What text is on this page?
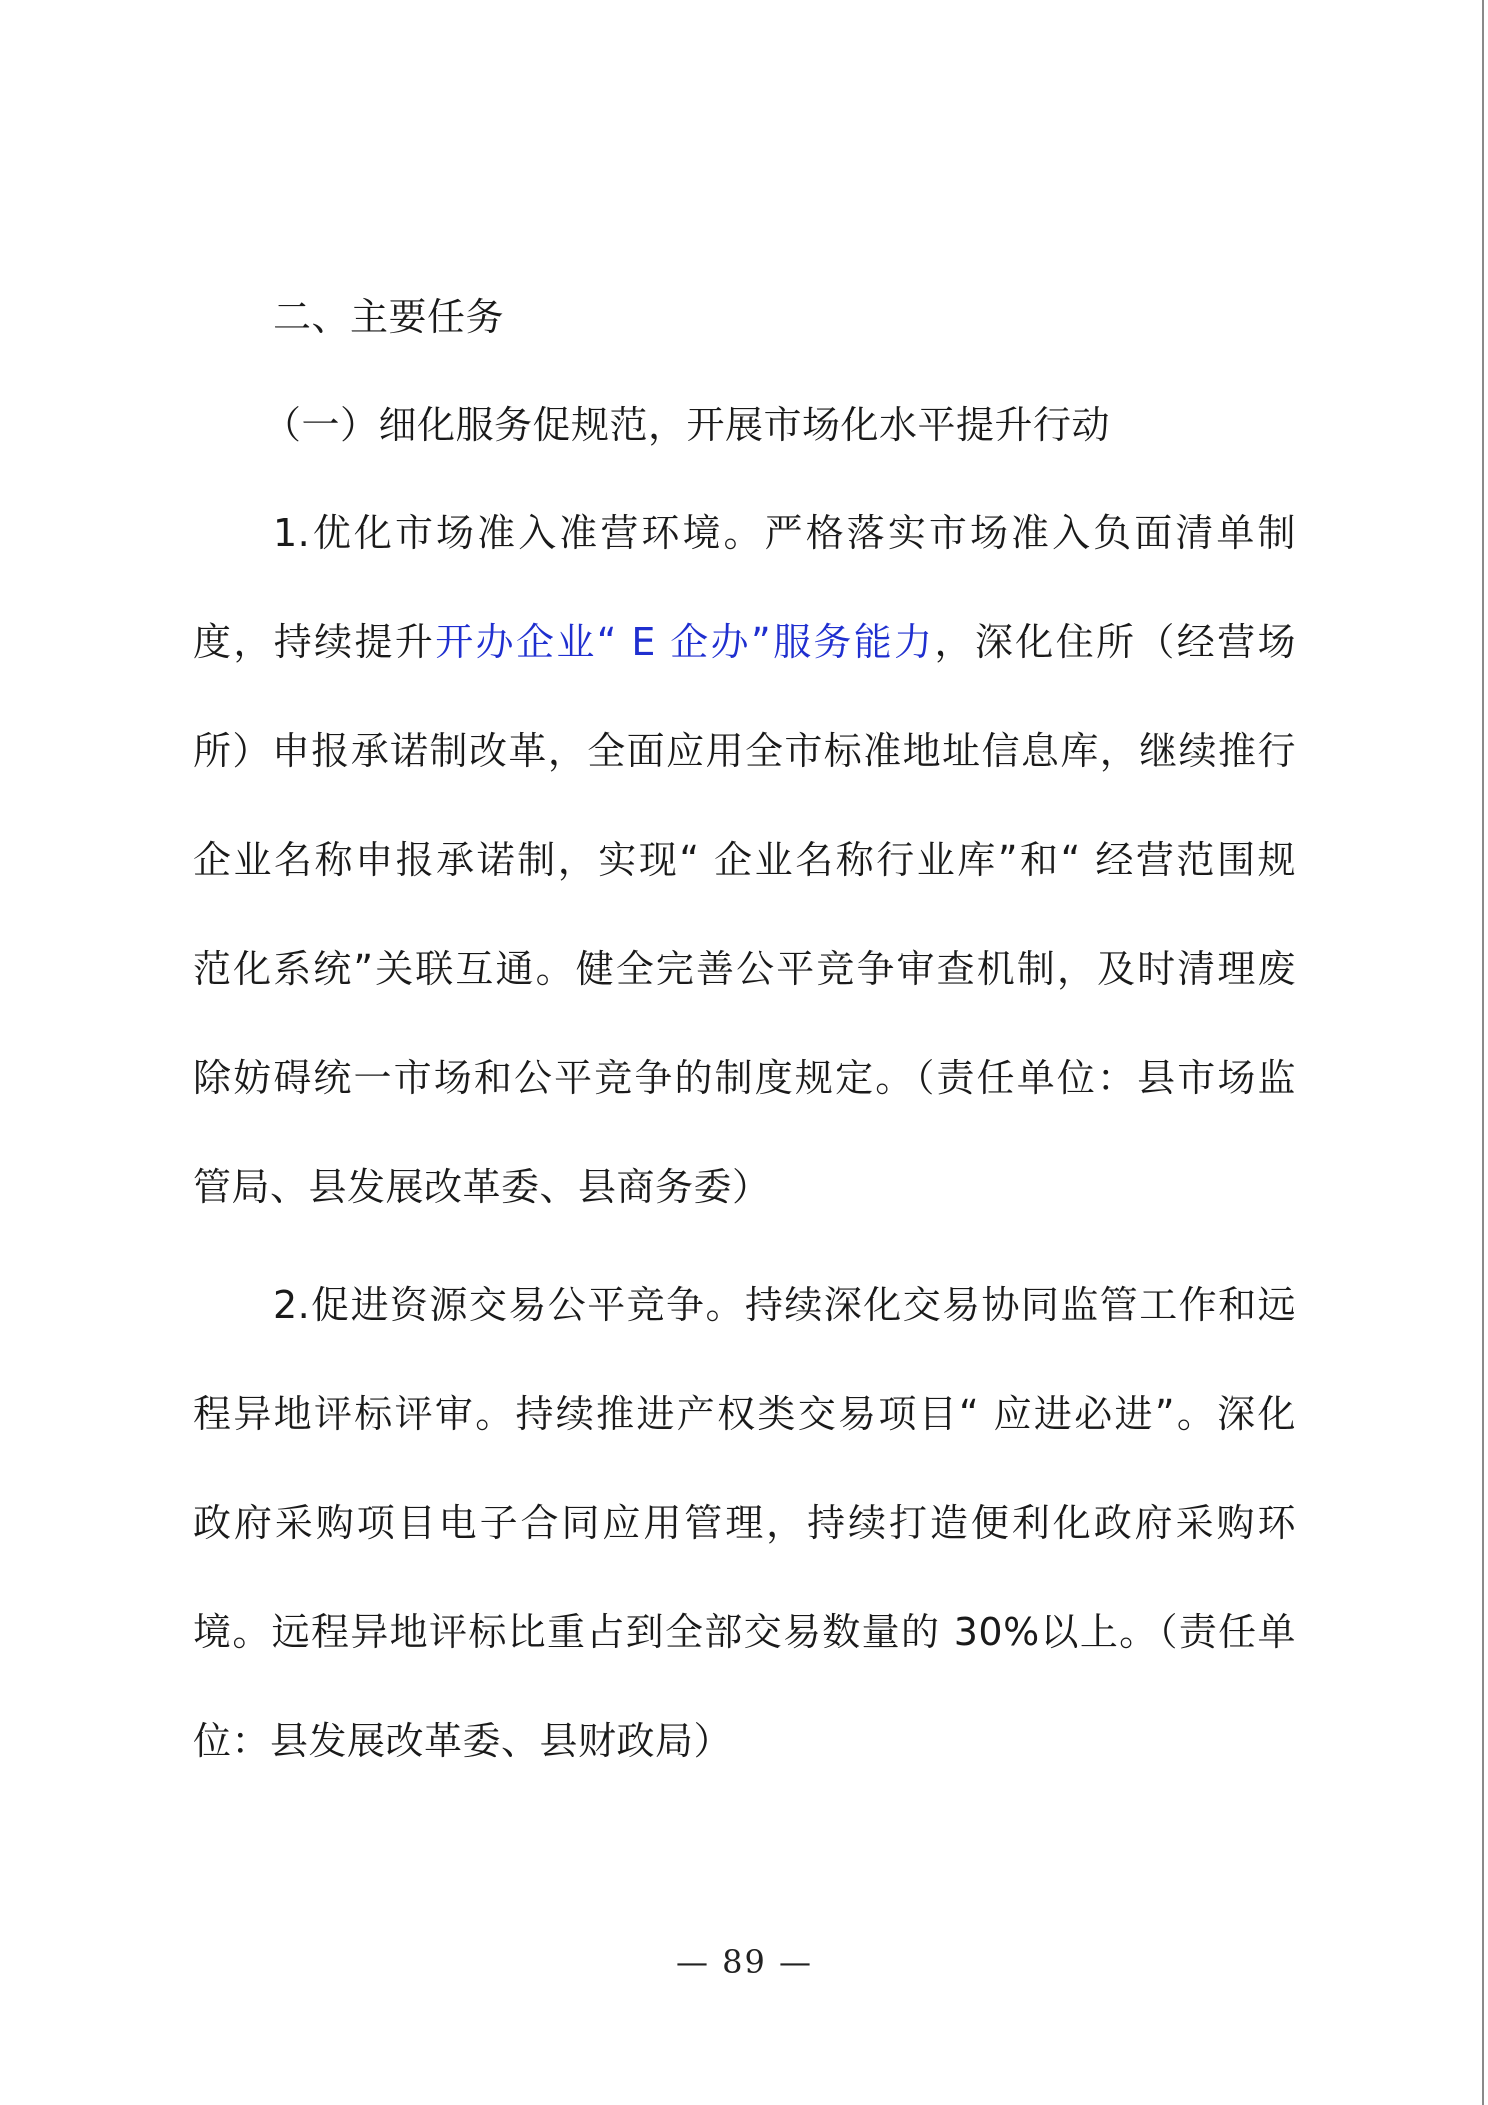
二、主要任务
（一）细化服务促规范，开展市场化水平提升行动
1.优化市场准入准营环境。严格落实市场准入负面清单制
度，持续提升开办企业“ E 企办”服务能力，深化住所（经营场
所）申报承诺制改革，全面应用全市标准地址信息库，继续推行
企业名称申报承诺制，实现“ 企业名称行业库”和“ 经营范围规
范化系统”关联互通。健全完善公平竞争审查机制，及时清理废
除妨碍统一市场和公平竞争的制度规定。（责任单位：县市场监
管局、县发展改革委、县商务委）
2.促进资源交易公平竞争。持续深化交易协同监管工作和远
程异地评标评审。持续推进产权类交易项目“ 应进必进”。深化
政府采购项目电子合同应用管理，持续打造便利化政府采购环
境。远程异地评标比重占到全部交易数量的 30%以上。（责任单
位：县发展改革委、县财政局）
— 89 —
